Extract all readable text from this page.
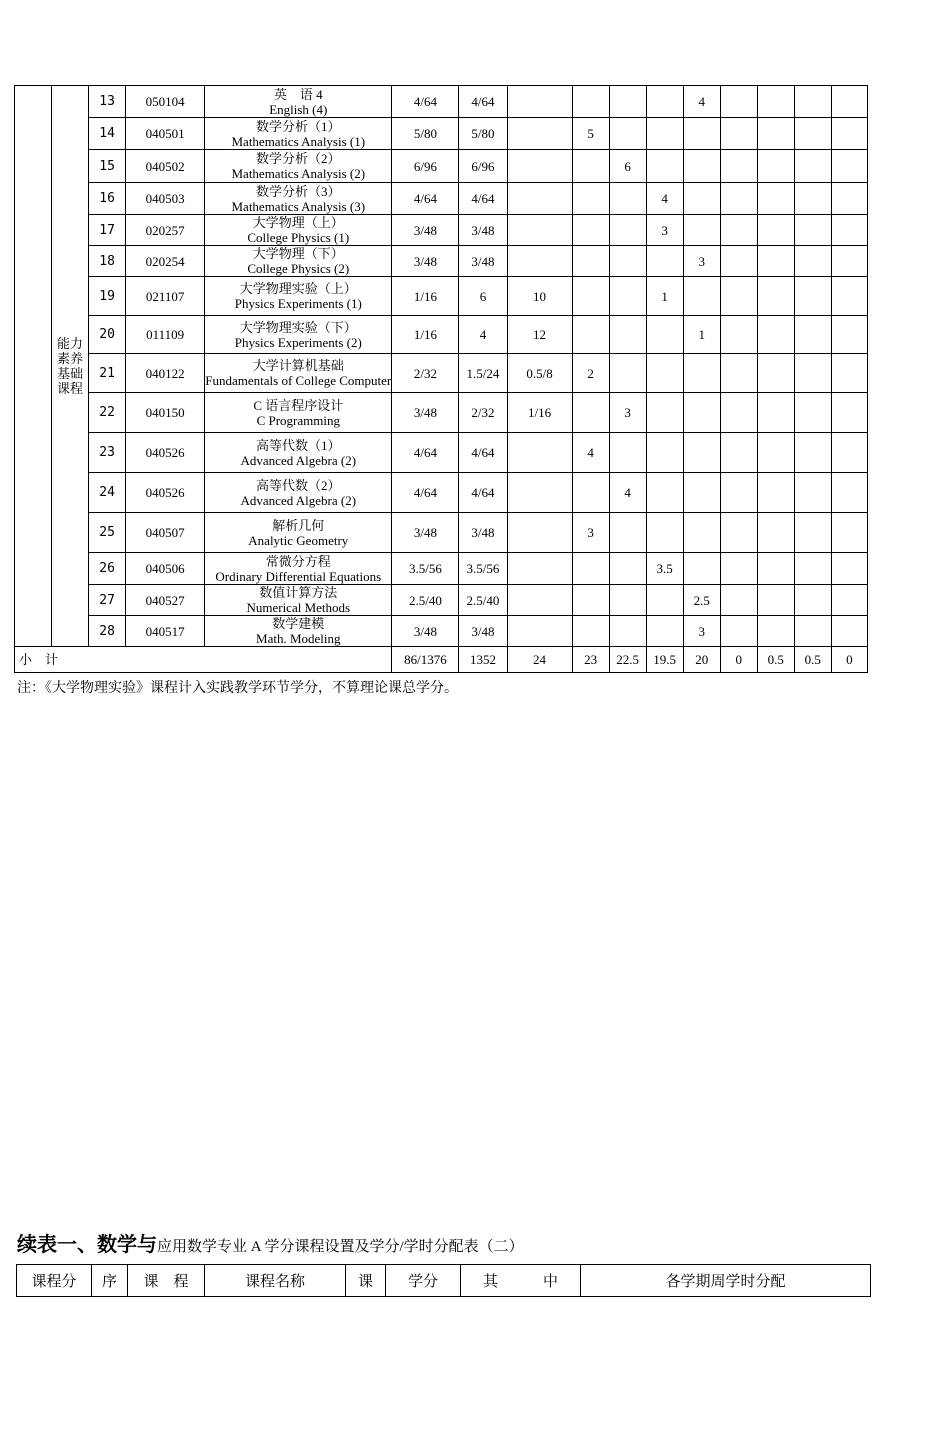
	能力素养基础课程	13	050104	英　语 4
English (4)	4/64	4/64					4				
		14	040501	数学分析（1）
Mathematics Analysis (1)	5/80	5/80		5							
		15	040502	数学分析（2）
Mathematics Analysis (2)	6/96	6/96			6						
		16	040503	数学分析（3）
Mathematics Analysis (3)	4/64	4/64				4					
		17	020257	大学物理（上）
College Physics (1)	3/48	3/48				3					
		18	020254	大学物理（下）
College Physics (2)	3/48	3/48					3				
		19	021107	大学物理实验（上）
Physics Experiments (1)	1/16	6	10			1					
		20	011109	大学物理实验（下）
Physics Experiments (2)	1/16	4	12				1				
		21	040122	大学计算机基础
Fundamentals of College Computer	2/32	1.5/24	0.5/8	2							
		22	040150	C 语言程序设计
C Programming	3/48	2/32	1/16		3						
		23	040526	高等代数（1）
Advanced Algebra (2)	4/64	4/64		4							
		24	040526	高等代数（2）
Advanced Algebra (2)	4/64	4/64			4						
		25	040507	解析几何
Analytic Geometry	3/48	3/48		3							
		26	040506	常微分方程
Ordinary Differential Equations	3.5/56	3.5/56				3.5					
		27	040527	数值计算方法
Numerical Methods	2.5/40	2.5/40					2.5				
		28	040517	数学建模
Math. Modeling	3/48	3/48					3				
小　计					86/1376	1352	24	23	22.5	19.5	20	0	0.5	0.5	0
注：《大学物理实验》课程计入实践教学环节学分，不算理论课总学分。
续表一、数学与应用数学专业 A 学分课程设置及学分/学时分配表（二）
课程分	序	课　程	课程名称	课	学分	其　　　中	各学期周学时分配
